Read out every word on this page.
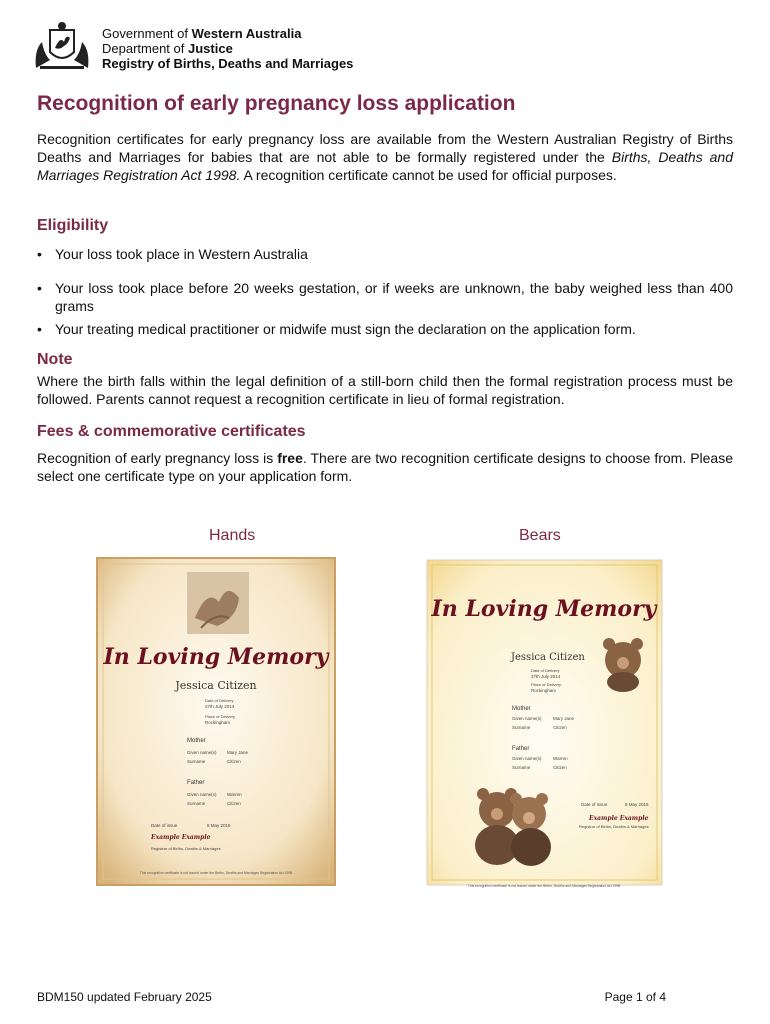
Government of Western Australia
Department of Justice
Registry of Births, Deaths and Marriages
Recognition of early pregnancy loss application

Recognition certificates for early pregnancy loss are available from the Western Australian Registry of Births Deaths and Marriages for babies that are not able to be formally registered under the Births, Deaths and Marriages Registration Act 1998. A recognition certificate cannot be used for official purposes.

Eligibility
• Your loss took place in Western Australia
• Your loss took place before 20 weeks gestation, or if weeks are unknown, the baby weighed less than 400 grams
• Your treating medical practitioner or midwife must sign the declaration on the application form.
Note

Where the birth falls within the legal definition of a still-born child then the formal registration process must be followed. Parents cannot request a recognition certificate in lieu of formal registration.

Fees & commemorative certificates

Recognition of early pregnancy loss is free. There are two recognition certificate designs to choose from. Please select one certificate type on your application form.

Hands	Bears
In Loving Memory
Jessica Citizen
Date of Delivery
27th July 2014
Place of Delivery
Rockingham
Mother
Given name(s) Mary Jane
Surname	Citizen
Father
Given name(s) Warren
Surname	Citizen
Date of issue	8 May 2015
Example Example
Registrar of Births, Deaths & Marriages
This recognition certificate is not issued under the Births, Deaths and Marriages Registration Act 1998
In Loving Memory
Jessica Citizen
Date of Delivery
27th July 2014
Place of Delivery
Rockingham
Mother
Given name(s)	Mary Jane
Surname	Citizen
Father
Given name(s)	Warren
Surname	Citizen
Date of issue	8 May 2015
Example Example
Registrar of Births, Deaths & Marriages
This recognition certificate is not issued under the Births, Deaths and Marriages Registration Act 1998
BDM150 updated February 2025	Page 1 of 4
